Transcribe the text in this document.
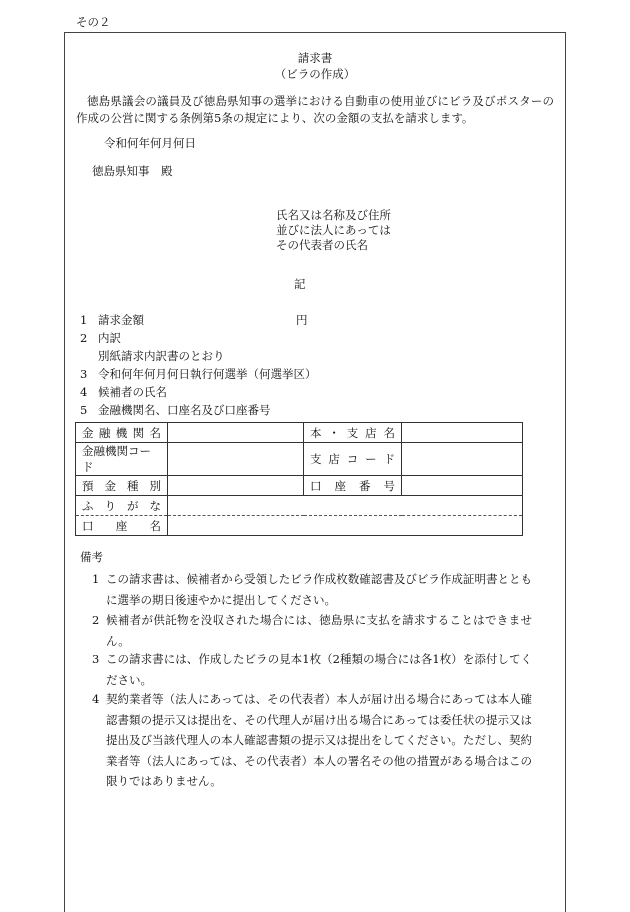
その２
請求書
（ビラの作成）
徳島県議会の議員及び徳島県知事の選挙における自動車の使用並びにビラ及びポスターの作成の公営に関する条例第5条の規定により、次の金額の支払を請求します。
令和何年何月何日
徳島県知事　殿
氏名又は名称及び住所
並びに法人にあっては
その代表者の氏名
記
1 請求金額	円
2 内訳
別紙請求内訳書のとおり
3 令和何年何月何日執行何選挙（何選挙区）
4 候補者の氏名
5 金融機関名、口座名及び口座番号
金 融 機 関 名		本 ・ 支 店 名	

金融機関コード		支 店 コ ー ド	

預 金 種 別		口 座 番 号	

ふ り が な			

口 座 名			

備考
1 この請求書は、候補者から受領したビラ作成枚数確認書及びビラ作成証明書とともに選挙の期日後速やかに提出してください。
2 候補者が供託物を没収された場合には、徳島県に支払を請求することはできません。
3 この請求書には、作成したビラの見本1枚（2種類の場合には各1枚）を添付してください。
4 契約業者等（法人にあっては、その代表者）本人が届け出る場合にあっては本人確認書類の提示又は提出を、その代理人が届け出る場合にあっては委任状の提示又は提出及び当該代理人の本人確認書類の提示又は提出をしてください。ただし、契約業者等（法人にあっては、その代表者）本人の署名その他の措置がある場合はこの限りではありません。
